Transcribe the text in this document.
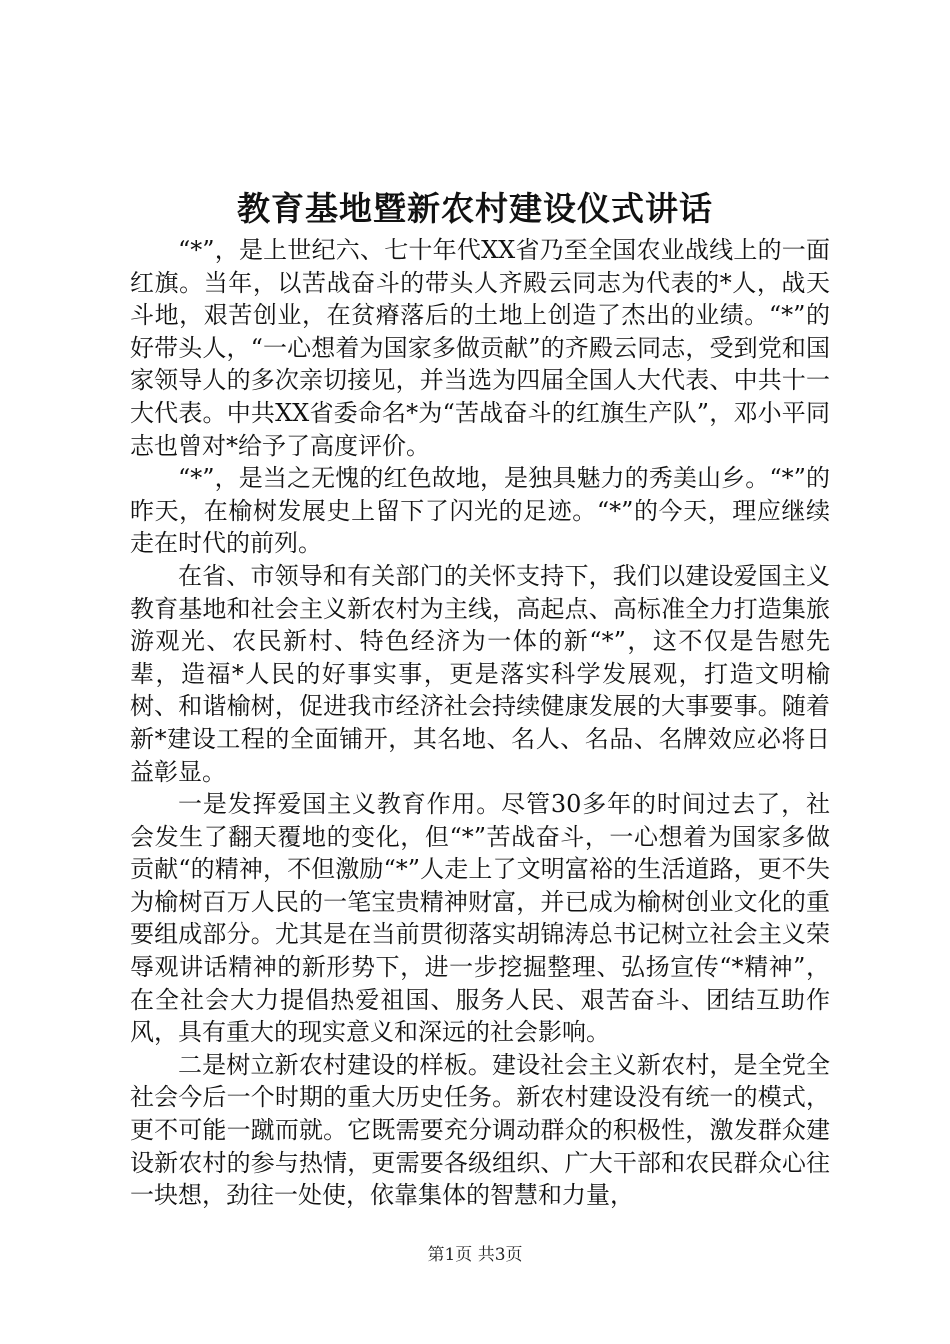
教育基地暨新农村建设仪式讲话

“*”，是上世纪六、七十年代XX省乃至全国农业战线上的一面红旗。当年，以苦战奋斗的带头人齐殿云同志为代表的*人，战天斗地，艰苦创业，在贫瘠落后的土地上创造了杰出的业绩。“*”的好带头人，“一心想着为国家多做贡献”的齐殿云同志，受到党和国家领导人的多次亲切接见，并当选为四届全国人大代表、中共十一大代表。中共XX省委命名*为“苦战奋斗的红旗生产队”，邓小平同志也曾对*给予了高度评价。

“*”，是当之无愧的红色故地，是独具魅力的秀美山乡。“*”的昨天，在榆树发展史上留下了闪光的足迹。“*”的今天，理应继续走在时代的前列。

在省、市领导和有关部门的关怀支持下，我们以建设爱国主义教育基地和社会主义新农村为主线，高起点、高标准全力打造集旅游观光、农民新村、特色经济为一体的新“*”，这不仅是告慰先辈，造福*人民的好事实事，更是落实科学发展观，打造文明榆树、和谐榆树，促进我市经济社会持续健康发展的大事要事。随着新*建设工程的全面铺开，其名地、名人、名品、名牌效应必将日益彰显。

一是发挥爱国主义教育作用。尽管30多年的时间过去了，社会发生了翻天覆地的变化，但“*”苦战奋斗，一心想着为国家多做贡献“的精神，不但激励“*”人走上了文明富裕的生活道路，更不失为榆树百万人民的一笔宝贵精神财富，并已成为榆树创业文化的重要组成部分。尤其是在当前贯彻落实胡锦涛总书记树立社会主义荣辱观讲话精神的新形势下，进一步挖掘整理、弘扬宣传“*精神”，在全社会大力提倡热爱祖国、服务人民、艰苦奋斗、团结互助作风，具有重大的现实意义和深远的社会影响。

二是树立新农村建设的样板。建设社会主义新农村，是全党全社会今后一个时期的重大历史任务。新农村建设没有统一的模式，更不可能一蹴而就。它既需要充分调动群众的积极性，激发群众建设新农村的参与热情，更需要各级组织、广大干部和农民群众心往一块想，劲往一处使，依靠集体的智慧和力量，

第1页 共3页
